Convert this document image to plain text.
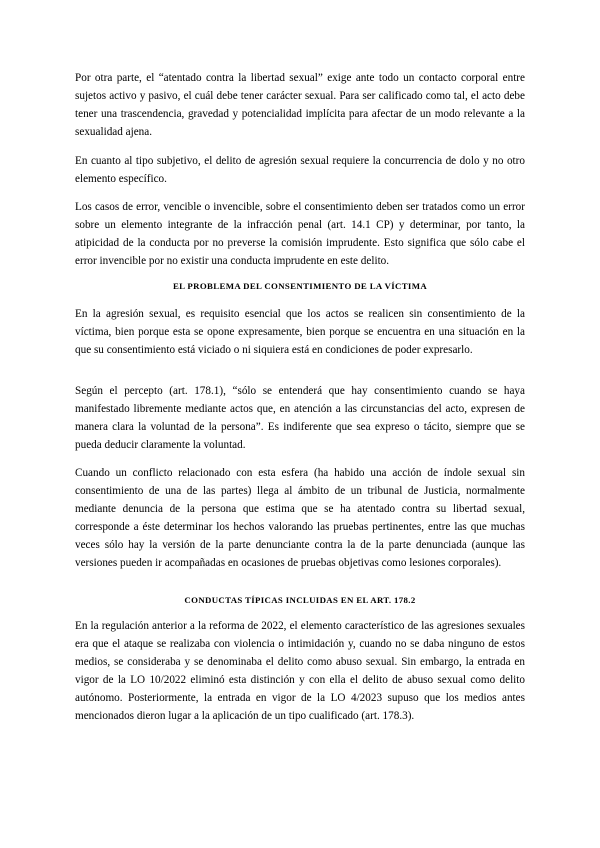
Por otra parte, el “atentado contra la libertad sexual” exige ante todo un contacto corporal entre sujetos activo y pasivo, el cuál debe tener carácter sexual. Para ser calificado como tal, el acto debe tener una trascendencia, gravedad y potencialidad implícita para afectar de un modo relevante a la sexualidad ajena.

En cuanto al tipo subjetivo, el delito de agresión sexual requiere la concurrencia de dolo y no otro elemento específico.

Los casos de error, vencible o invencible, sobre el consentimiento deben ser tratados como un error sobre un elemento integrante de la infracción penal (art. 14.1 CP) y determinar, por tanto, la atipicidad de la conducta por no preverse la comisión imprudente. Esto significa que sólo cabe el error invencible por no existir una conducta imprudente en este delito.

EL PROBLEMA DEL CONSENTIMIENTO DE LA VÍCTIMA

En la agresión sexual, es requisito esencial que los actos se realicen sin consentimiento de la víctima, bien porque esta se opone expresamente, bien porque se encuentra en una situación en la que su consentimiento está viciado o ni siquiera está en condiciones de poder expresarlo.

Según el percepto (art. 178.1), “sólo se entenderá que hay consentimiento cuando se haya manifestado libremente mediante actos que, en atención a las circunstancias del acto, expresen de manera clara la voluntad de la persona”. Es indiferente que sea expreso o tácito, siempre que se pueda deducir claramente la voluntad.

Cuando un conflicto relacionado con esta esfera (ha habido una acción de índole sexual sin consentimiento de una de las partes) llega al ámbito de un tribunal de Justicia, normalmente mediante denuncia de la persona que estima que se ha atentado contra su libertad sexual, corresponde a éste determinar los hechos valorando las pruebas pertinentes, entre las que muchas veces sólo hay la versión de la parte denunciante contra la de la parte denunciada (aunque las versiones pueden ir acompañadas en ocasiones de pruebas objetivas como lesiones corporales).

CONDUCTAS TÍPICAS INCLUIDAS EN EL ART. 178.2

En la regulación anterior a la reforma de 2022, el elemento característico de las agresiones sexuales era que el ataque se realizaba con violencia o intimidación y, cuando no se daba ninguno de estos medios, se consideraba y se denominaba el delito como abuso sexual. Sin embargo, la entrada en vigor de la LO 10/2022 eliminó esta distinción y con ella el delito de abuso sexual como delito autónomo. Posteriormente, la entrada en vigor de la LO 4/2023 supuso que los medios antes mencionados dieron lugar a la aplicación de un tipo cualificado (art. 178.3).
